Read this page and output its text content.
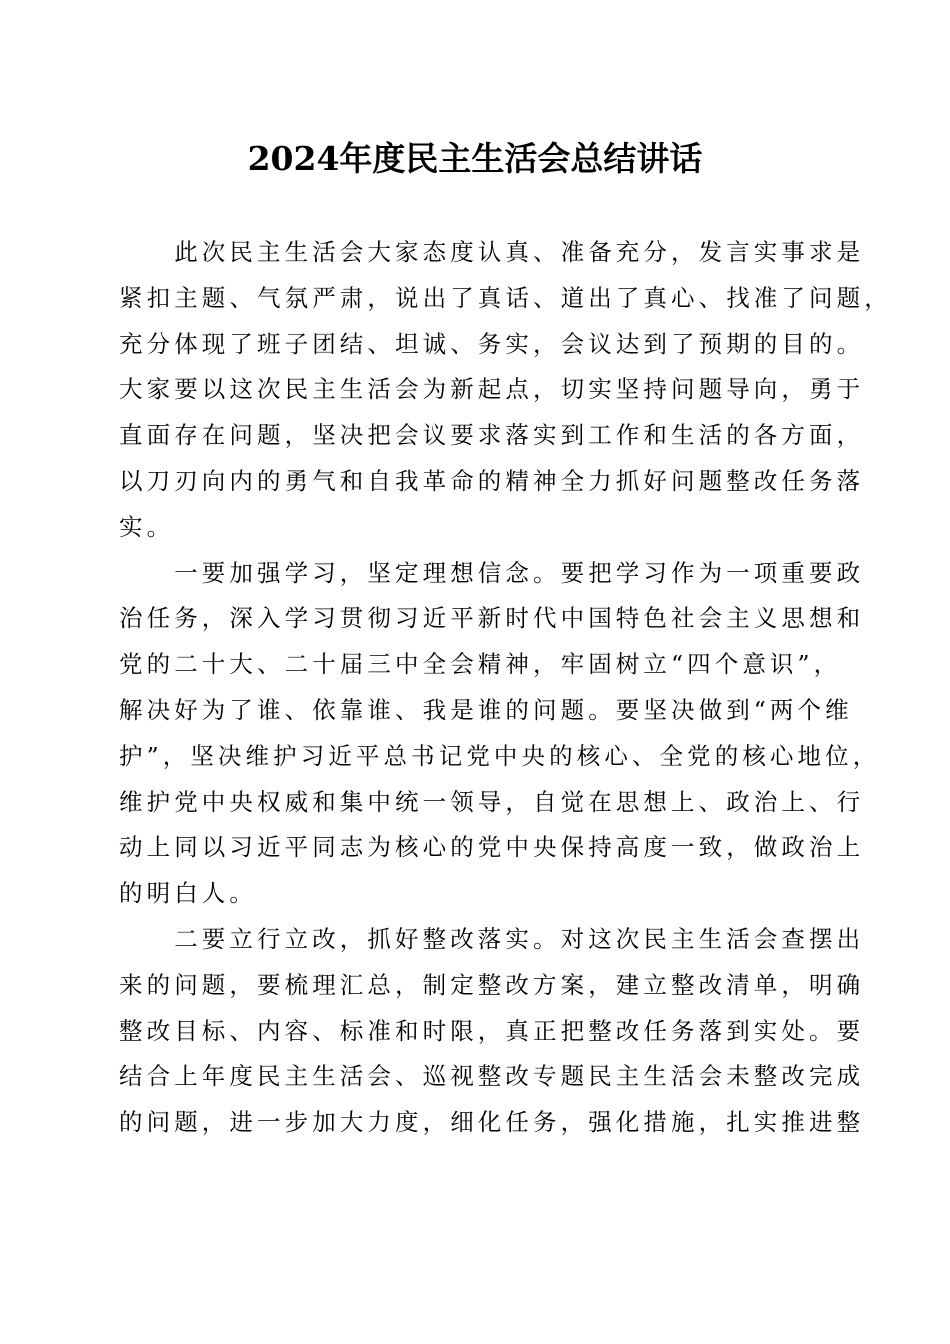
2024年度民主生活会总结讲话
　　此次民主生活会大家态度认真、准备充分，发言实事求是
紧扣主题、气氛严肃，说出了真话、道出了真心、找准了问题，
充分体现了班子团结、坦诚、务实，会议达到了预期的目的。
大家要以这次民主生活会为新起点，切实坚持问题导向，勇于
直面存在问题，坚决把会议要求落实到工作和生活的各方面，
以刀刃向内的勇气和自我革命的精神全力抓好问题整改任务落
实。
　　一要加强学习，坚定理想信念。要把学习作为一项重要政
治任务，深入学习贯彻习近平新时代中国特色社会主义思想和
党的二十大、二十届三中全会精神，牢固树立“四个意识”，
解决好为了谁、依靠谁、我是谁的问题。要坚决做到“两个维
护”，坚决维护习近平总书记党中央的核心、全党的核心地位，
维护党中央权威和集中统一领导，自觉在思想上、政治上、行
动上同以习近平同志为核心的党中央保持高度一致，做政治上
的明白人。
　　二要立行立改，抓好整改落实。对这次民主生活会查摆出
来的问题，要梳理汇总，制定整改方案，建立整改清单，明确
整改目标、内容、标准和时限，真正把整改任务落到实处。要
结合上年度民主生活会、巡视整改专题民主生活会未整改完成
的问题，进一步加大力度，细化任务，强化措施，扎实推进整
